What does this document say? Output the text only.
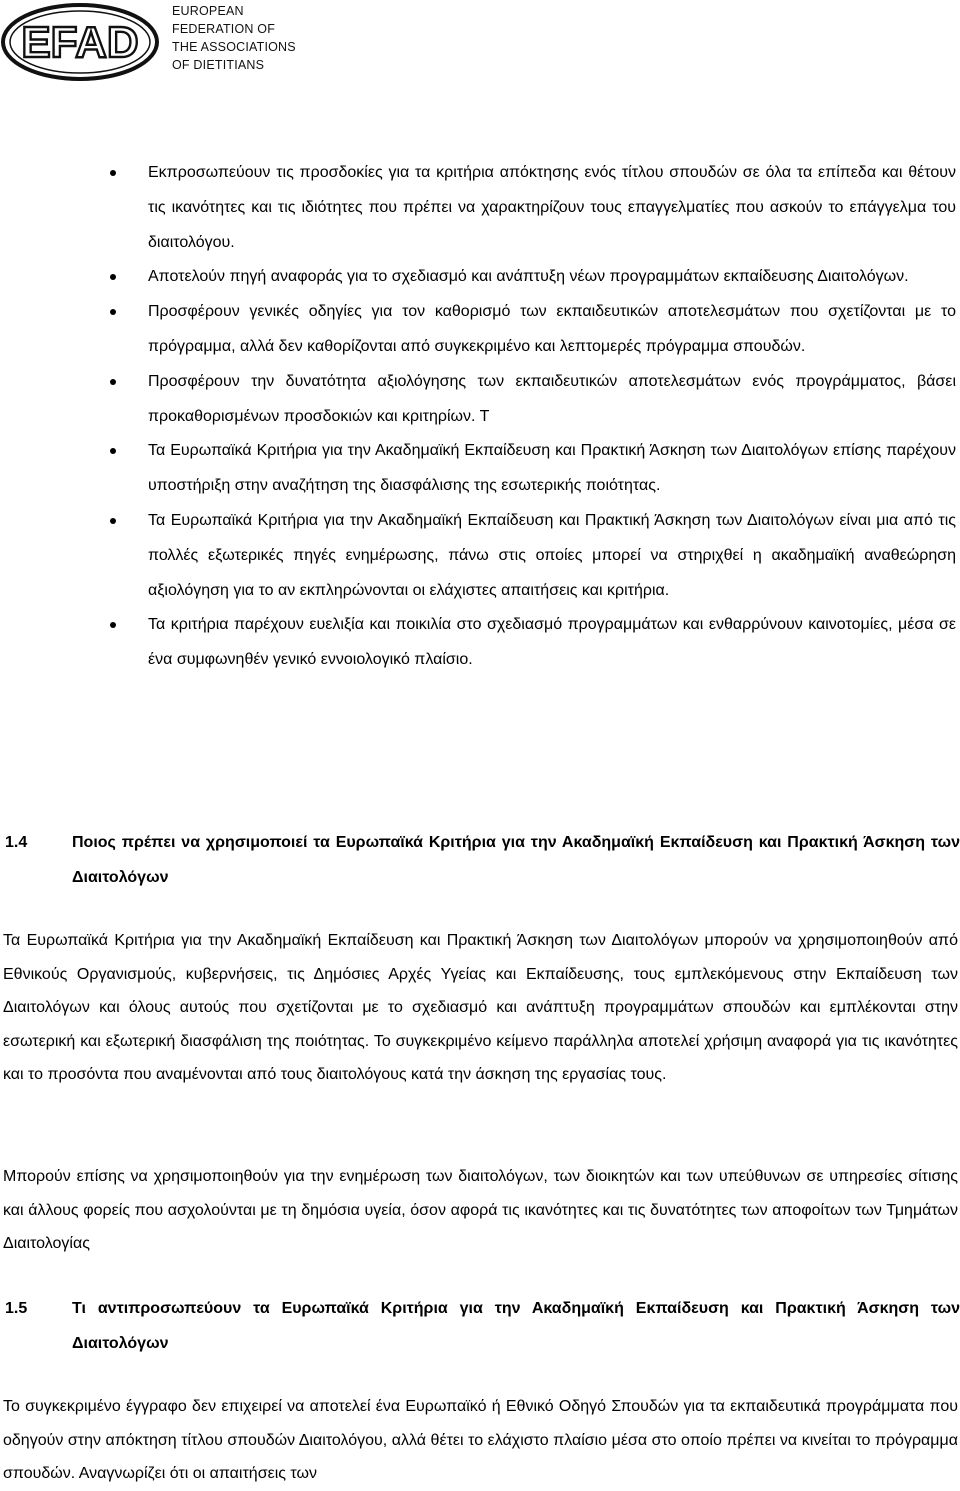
EFAD
EUROPEAN
FEDERATION OF
THE ASSOCIATIONS
OF DIETITIANS
Εκπροσωπεύουν τις προσδοκίες για τα κριτήρια απόκτησης ενός τίτλου σπουδών σε όλα τα επίπεδα και θέτουν τις ικανότητες και τις ιδιότητες που πρέπει να χαρακτηρίζουν τους επαγγελματίες που ασκούν το επάγγελμα του διαιτολόγου.
Αποτελούν πηγή αναφοράς για το σχεδιασμό και ανάπτυξη νέων προγραμμάτων εκπαίδευσης Διαιτολόγων.
Προσφέρουν γενικές οδηγίες για τον καθορισμό των εκπαιδευτικών αποτελεσμάτων που σχετίζονται με το πρόγραμμα, αλλά δεν καθορίζονται από συγκεκριμένο και λεπτομερές πρόγραμμα σπουδών.
Προσφέρουν την δυνατότητα αξιολόγησης των εκπαιδευτικών αποτελεσμάτων ενός προγράμματος, βάσει προκαθορισμένων προσδοκιών και κριτηρίων. Τ
Τα Ευρωπαϊκά Κριτήρια για την Ακαδημαϊκή Εκπαίδευση και Πρακτική Άσκηση των Διαιτολόγων επίσης παρέχουν υποστήριξη στην αναζήτηση της διασφάλισης της εσωτερικής ποιότητας.
Τα Ευρωπαϊκά Κριτήρια για την Ακαδημαϊκή Εκπαίδευση και Πρακτική Άσκηση των Διαιτολόγων είναι μια από τις πολλές εξωτερικές πηγές ενημέρωσης, πάνω στις οποίες μπορεί να στηριχθεί η ακαδημαϊκή αναθεώρηση αξιολόγηση για το αν εκπληρώνονται οι ελάχιστες απαιτήσεις και κριτήρια.
Τα κριτήρια παρέχουν ευελιξία και ποικιλία στο σχεδιασμό προγραμμάτων και ενθαρρύνουν καινοτομίες, μέσα σε ένα συμφωνηθέν γενικό εννοιολογικό πλαίσιο.
1.4	Ποιος πρέπει να χρησιμοποιεί τα Ευρωπαϊκά Κριτήρια για την Ακαδημαϊκή Εκπαίδευση και Πρακτική Άσκηση των Διαιτολόγων
Τα Ευρωπαϊκά Κριτήρια για την Ακαδημαϊκή Εκπαίδευση και Πρακτική Άσκηση των Διαιτολόγων μπορούν να χρησιμοποιηθούν από Εθνικούς Οργανισμούς, κυβερνήσεις, τις Δημόσιες Αρχές Υγείας και Εκπαίδευσης, τους εμπλεκόμενους στην Εκπαίδευση των Διαιτολόγων και όλους αυτούς που σχετίζονται με το σχεδιασμό και ανάπτυξη προγραμμάτων σπουδών και εμπλέκονται στην εσωτερική και εξωτερική διασφάλιση της ποιότητας. Το συγκεκριμένο κείμενο παράλληλα αποτελεί χρήσιμη αναφορά για τις ικανότητες και το προσόντα που αναμένονται από τους διαιτολόγους κατά την άσκηση της εργασίας τους.
Μπορούν επίσης να χρησιμοποιηθούν για την ενημέρωση των διαιτολόγων, των διοικητών και των υπεύθυνων σε υπηρεσίες σίτισης και άλλους φορείς που ασχολούνται με τη δημόσια υγεία, όσον αφορά τις ικανότητες και τις δυνατότητες των αποφοίτων των Τμημάτων Διαιτολογίας
1.5	Τι αντιπροσωπεύουν τα Ευρωπαϊκά Κριτήρια για την Ακαδημαϊκή Εκπαίδευση και Πρακτική Άσκηση των Διαιτολόγων
Το συγκεκριμένο έγγραφο δεν επιχειρεί να αποτελεί ένα Ευρωπαϊκό ή Εθνικό Οδηγό Σπουδών για τα εκπαιδευτικά προγράμματα που οδηγούν στην απόκτηση τίτλου σπουδών Διαιτολόγου, αλλά θέτει το ελάχιστο πλαίσιο μέσα στο οποίο πρέπει να κινείται το πρόγραμμα σπουδών. Αναγνωρίζει ότι οι απαιτήσεις των
